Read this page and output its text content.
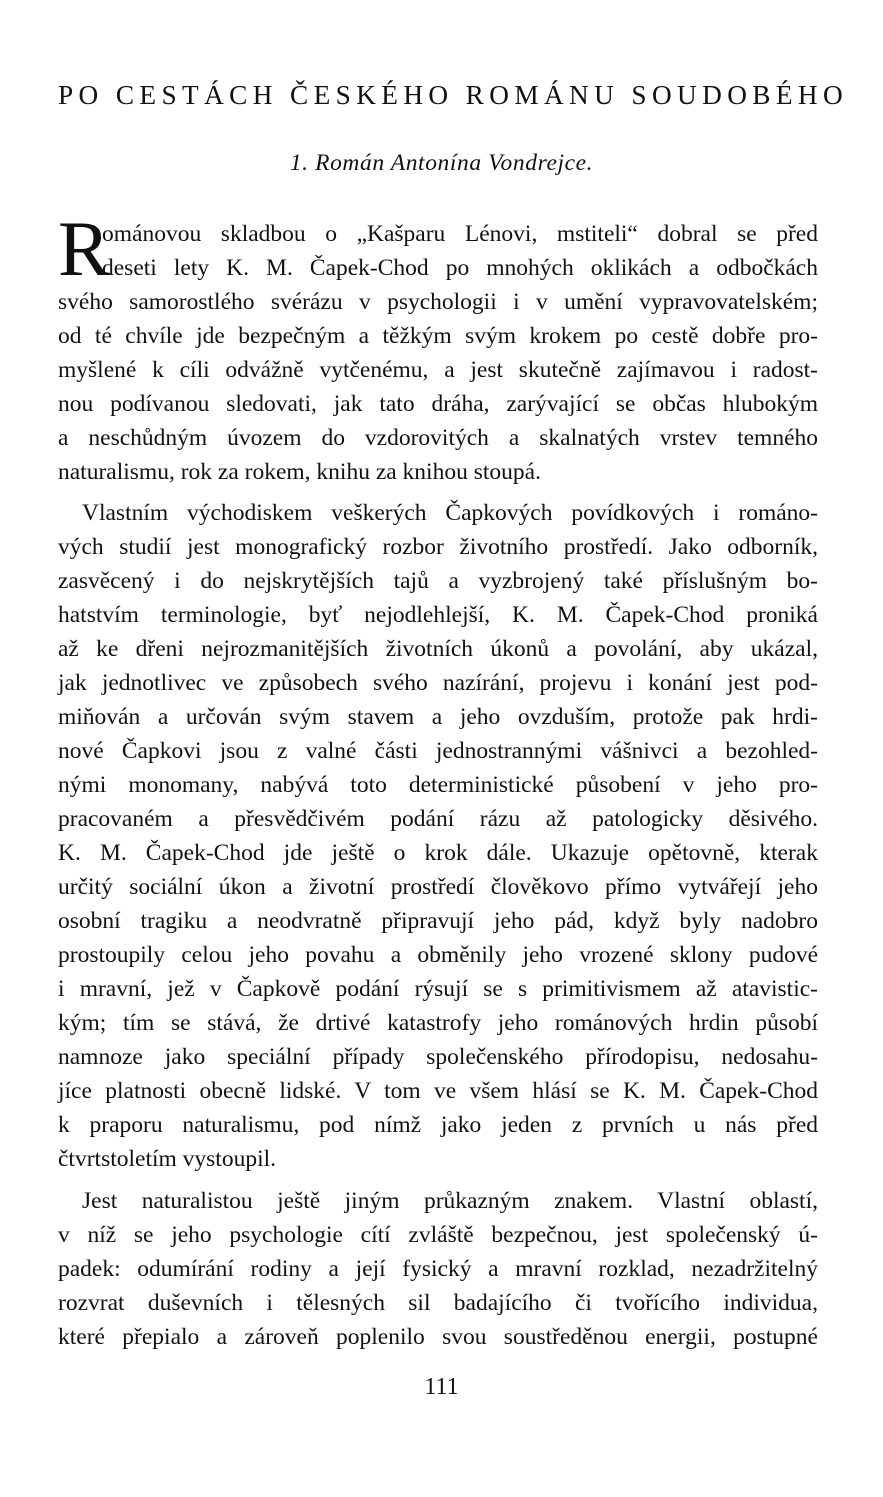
PO CESTÁCH ČESKÉHO ROMÁNU SOUDOBÉHO
1. Román Antonína Vondrejce.
R
ománovou skladbou o „Kašparu Lénovi, mstiteli“ dobral se před
deseti lety K. M. Čapek-Chod po mnohých oklikách a odbočkách
svého samorostlého svérázu v psychologii i v umění vypravovatelském;
od té chvíle jde bezpečným a těžkým svým krokem po cestě dobře pro-
myšlené k cíli odvážně vytčenému, a jest skutečně zajímavou i radost-
nou podívanou sledovati, jak tato dráha, zarývající se občas hlubokým
a neschůdným úvozem do vzdorovitých a skalnatých vrstev temného
naturalismu, rok za rokem, knihu za knihou stoupá.
Vlastním východiskem veškerých Čapkových povídkových i románo-
vých studií jest monografický rozbor životního prostředí. Jako odborník,
zasvěcený i do nejskrytějších tajů a vyzbrojený také příslušným bo-
hatstvím terminologie, byť nejodlehlejší, K. M. Čapek-Chod proniká
až ke dřeni nejrozmanitějších životních úkonů a povolání, aby ukázal,
jak jednotlivec ve způsobech svého nazírání, projevu i konání jest pod-
miňován a určován svým stavem a jeho ovzduším, protože pak hrdi-
nové Čapkovi jsou z valné části jednostrannými vášnivci a bezohled-
nými monomany, nabývá toto deterministické působení v jeho pro-
pracovaném a přesvědčivém podání rázu až patologicky děsivého.
K. M. Čapek-Chod jde ještě o krok dále. Ukazuje opětovně, kterak
určitý sociální úkon a životní prostředí člověkovo přímo vytvářejí jeho
osobní tragiku a neodvratně připravují jeho pád, když byly nadobro
prostoupily celou jeho povahu a obměnily jeho vrozené sklony pudové
i mravní, jež v Čapkově podání rýsují se s primitivismem až atavistic-
kým; tím se stává, že drtivé katastrofy jeho románových hrdin působí
namnoze jako speciální případy společenského přírodopisu, nedosahu-
jíce platnosti obecně lidské. V tom ve všem hlásí se K. M. Čapek-Chod
k praporu naturalismu, pod nímž jako jeden z prvních u nás před
čtvrtstoletím vystoupil.
Jest naturalistou ještě jiným průkazným znakem. Vlastní oblastí,
v níž se jeho psychologie cítí zvláště bezpečnou, jest společenský ú-
padek: odumírání rodiny a její fysický a mravní rozklad, nezadržitelný
rozvrat duševních i tělesných sil badajícího či tvořícího individua,
které přepialo a zároveň poplenilo svou soustředěnou energii, postupné
111
